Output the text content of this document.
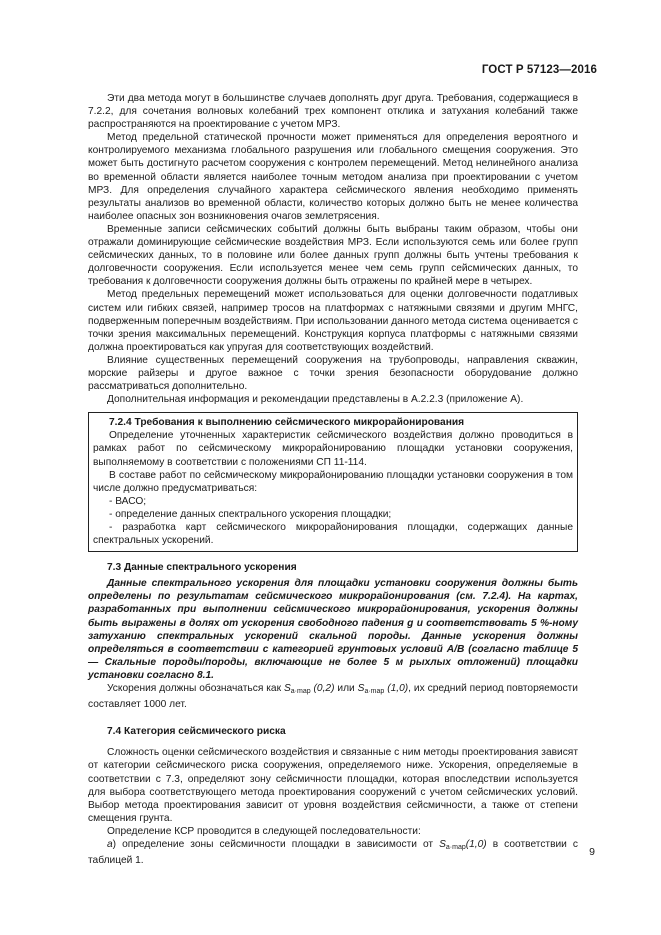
ГОСТ Р 57123—2016

Эти два метода могут в большинстве случаев дополнять друг друга. Требования, содержащиеся в 7.2.2, для сочетания волновых колебаний трех компонент отклика и затухания колебаний также распространяются на проектирование с учетом МРЗ.

Метод предельной статической прочности может применяться для определения вероятного и контролируемого механизма глобального разрушения или глобального смещения сооружения. Это может быть достигнуто расчетом сооружения с контролем перемещений. Метод нелинейного анализа во временной области является наиболее точным методом анализа при проектировании с учетом МРЗ. Для определения случайного характера сейсмического явления необходимо применять результаты анализов во временной области, количество которых должно быть не менее количества наиболее опасных зон возникновения очагов землетрясения.

Временные записи сейсмических событий должны быть выбраны таким образом, чтобы они отражали доминирующие сейсмические воздействия МРЗ. Если используются семь или более групп сейсмических данных, то в половине или более данных групп должны быть учтены требования к долговечности сооружения. Если используется менее чем семь групп сейсмических данных, то требования к долговечности сооружения должны быть отражены по крайней мере в четырех.

Метод предельных перемещений может использоваться для оценки долговечности податливых систем или гибких связей, например тросов на платформах с натяжными связями и другим МНГС, подверженным поперечным воздействиям. При использовании данного метода система оценивается с точки зрения максимальных перемещений. Конструкция корпуса платформы с натяжными связями должна проектироваться как упругая для соответствующих воздействий.

Влияние существенных перемещений сооружения на трубопроводы, направления скважин, морские райзеры и другое важное с точки зрения безопасности оборудование должно рассматриваться дополнительно.

Дополнительная информация и рекомендации представлены в А.2.2.3 (приложение А).

7.2.4 Требования к выполнению сейсмического микрорайонирования

Определение уточненных характеристик сейсмического воздействия должно проводиться в рамках работ по сейсмическому микрорайонированию площадки установки сооружения, выполняемому в соответствии с положениями СП 11-114.

В составе работ по сейсмическому микрорайонированию площадки установки сооружения в том числе должно предусматриваться:

- ВАСО;

- определение данных спектрального ускорения площадки;

- разработка карт сейсмического микрорайонирования площадки, содержащих данные спектральных ускорений.

7.3 Данные спектрального ускорения

Данные спектрального ускорения для площадки установки сооружения должны быть определены по результатам сейсмического микрорайонирования (см. 7.2.4). На картах, разработанных при выполнении сейсмического микрорайонирования, ускорения должны быть выражены в долях от ускорения свободного падения g и соответствовать 5 %-ному затуханию спектральных ускорений скальной породы. Данные ускорения должны определяться в соответствии с категорией грунтовых условий А/В (согласно таблице 5 — Скальные породы/породы, включающие не более 5 м рыхлых отложений) площадки установки согласно 8.1.

Ускорения должны обозначаться как $S_{a\cdot map}$ (0,2) или $S_{a\cdot map}$ (1,0), их средний период повторяемости составляет 1000 лет.

7.4 Категория сейсмического риска

Сложность оценки сейсмического воздействия и связанные с ним методы проектирования зависят от категории сейсмического риска сооружения, определяемого ниже. Ускорения, определяемые в соответствии с 7.3, определяют зону сейсмичности площадки, которая впоследствии используется для выбора соответствующего метода проектирования сооружений с учетом сейсмических условий. Выбор метода проектирования зависит от уровня воздействия сейсмичности, а также от степени смещения грунта.

Определение КСР проводится в следующей последовательности:

а) определение зоны сейсмичности площадки в зависимости от $S_{a\cdot map}(1,0)$ в соответствии с таблицей 1.

9
